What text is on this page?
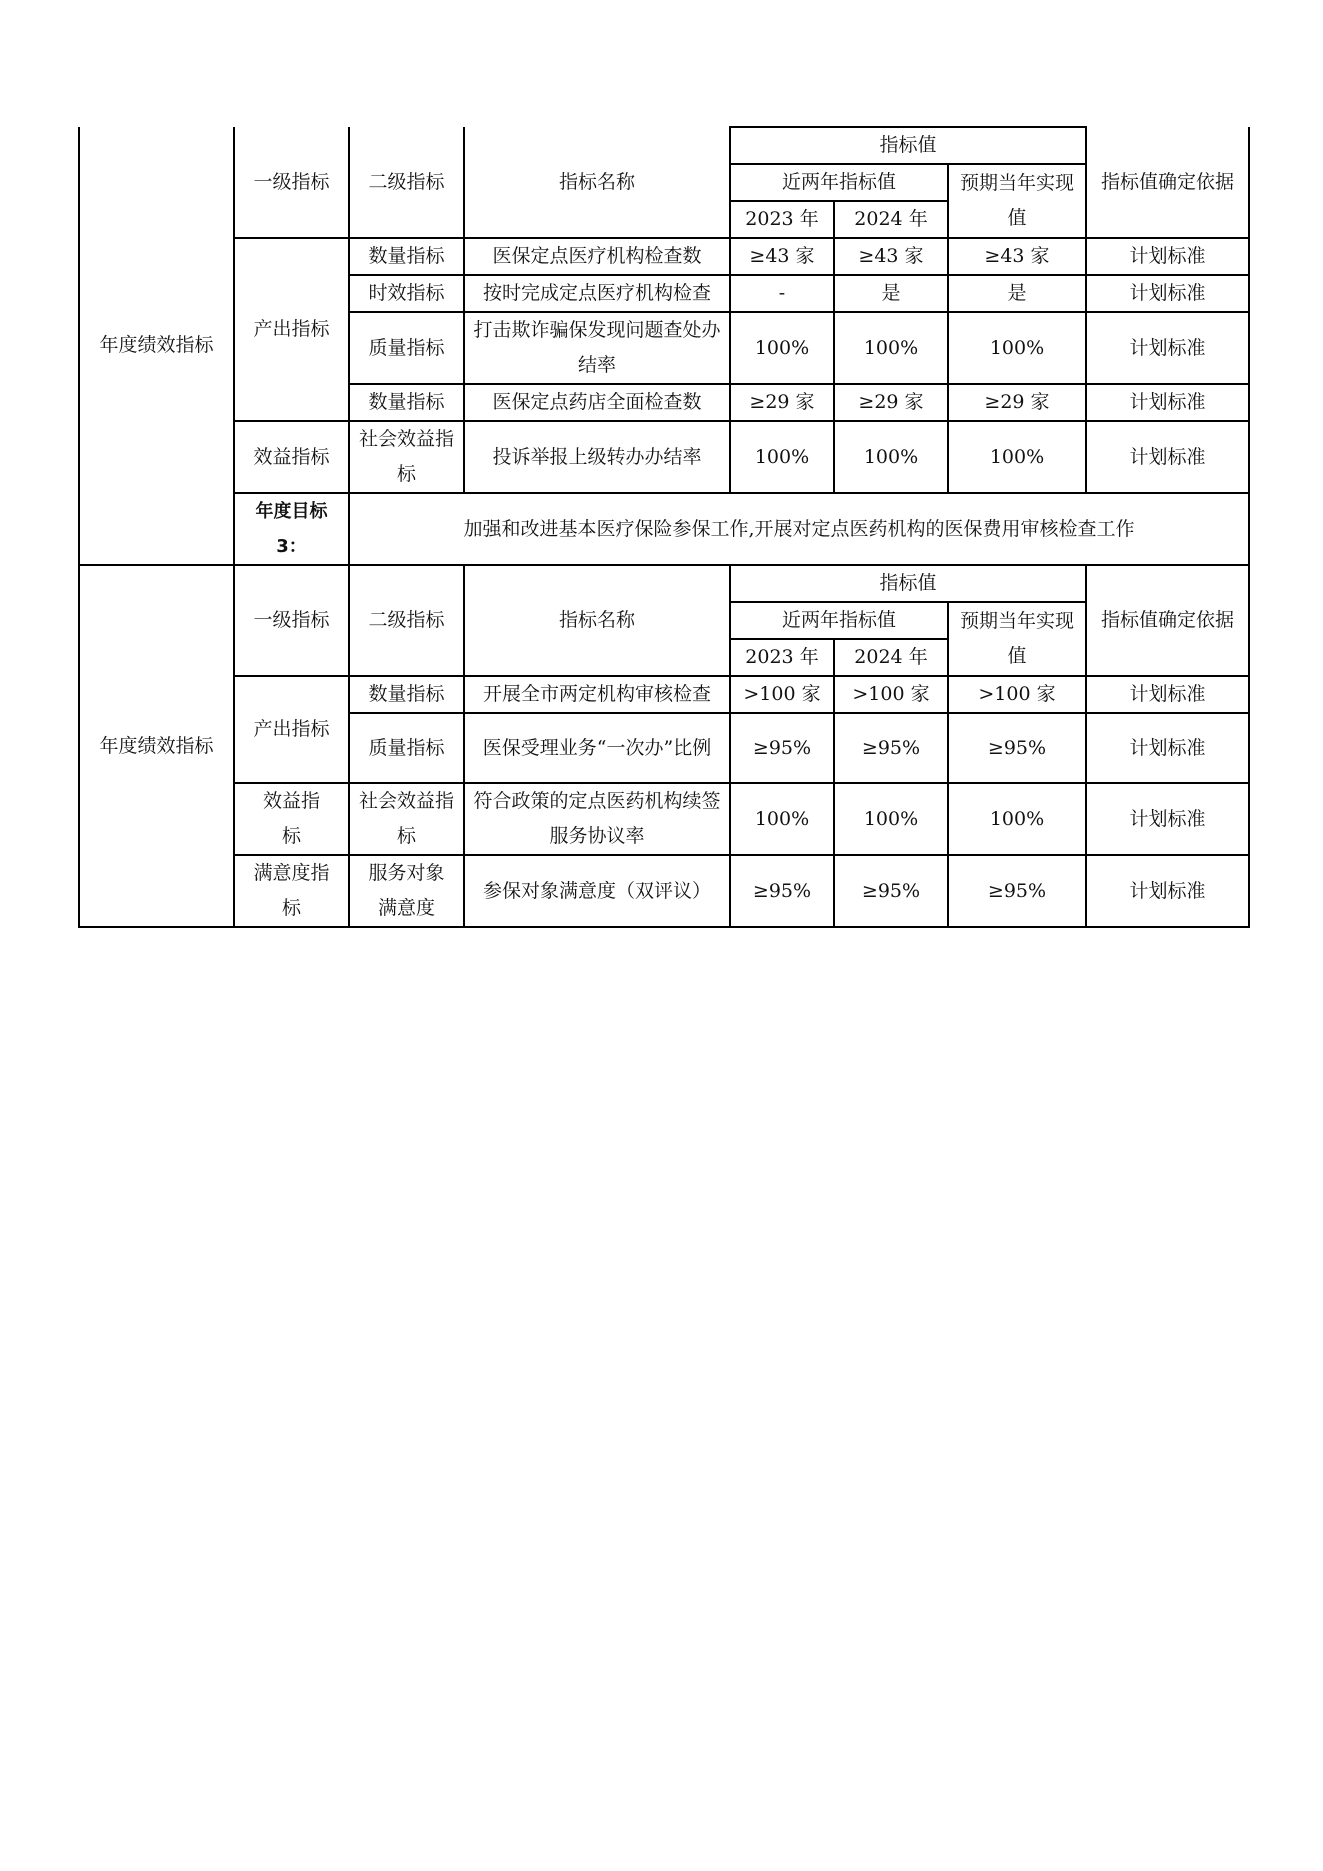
年度绩效指标	一级指标	二级指标	指标名称	指标值			指标值确定依据
				近两年指标值		预期当年实现值	
				2023 年	2024 年		
	产出指标	数量指标	医保定点医疗机构检查数	≥43 家	≥43 家	≥43 家	计划标准
		时效指标	按时完成定点医疗机构检查	-	是	是	计划标准
		质量指标	打击欺诈骗保发现问题查处办结率	100%	100%	100%	计划标准
		数量指标	医保定点药店全面检查数	≥29 家	≥29 家	≥29 家	计划标准
	效益指标	社会效益指标	投诉举报上级转办办结率	100%	100%	100%	计划标准
	年度目标 3：	加强和改进基本医疗保险参保工作,开展对定点医药机构的医保费用审核检查工作					
年度绩效指标	一级指标	二级指标	指标名称	指标值			指标值确定依据
				近两年指标值		预期当年实现值	
				2023 年	2024 年		
	产出指标	数量指标	开展全市两定机构审核检查	>100 家	>100 家	>100 家	计划标准
		质量指标	医保受理业务“一次办”比例	≥95%	≥95%	≥95%	计划标准
	效益指标	社会效益指标	符合政策的定点医药机构续签服务协议率	100%	100%	100%	计划标准
	满意度指标	服务对象满意度	参保对象满意度（双评议）	≥95%	≥95%	≥95%	计划标准
